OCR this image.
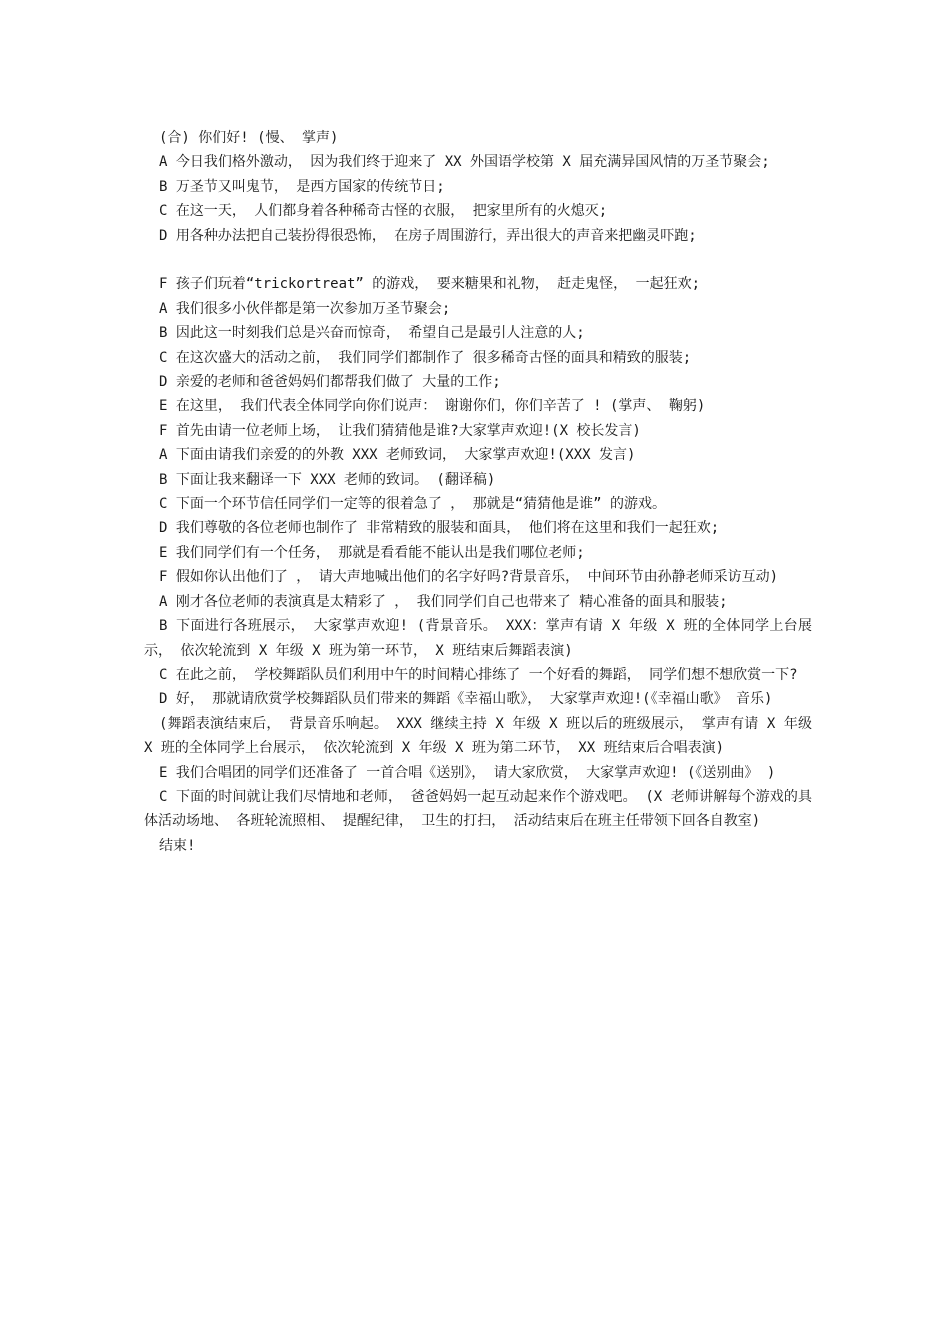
(合) 你们好! (慢、 掌声)

A 今日我们格外激动， 因为我们终于迎来了 XX 外国语学校第 X 届充满异国风情的万圣节聚会;

B 万圣节又叫鬼节， 是西方国家的传统节日;

C 在这一天， 人们都身着各种稀奇古怪的衣服， 把家里所有的火熄灭;

D 用各种办法把自己装扮得很恐怖， 在房子周围游行，弄出很大的声音来把幽灵吓跑;

F 孩子们玩着“trickortreat” 的游戏， 要来糖果和礼物， 赶走鬼怪， 一起狂欢;

A 我们很多小伙伴都是第一次参加万圣节聚会;

B 因此这一时刻我们总是兴奋而惊奇， 希望自己是最引人注意的人;

C 在这次盛大的活动之前， 我们同学们都制作了 很多稀奇古怪的面具和精致的服装;

D 亲爱的老师和爸爸妈妈们都帮我们做了 大量的工作;

E 在这里， 我们代表全体同学向你们说声： 谢谢你们，你们辛苦了 ! (掌声、 鞠躬)

F 首先由请一位老师上场， 让我们猜猜他是谁?大家掌声欢迎!(X 校长发言)

A 下面由请我们亲爱的的外教 XXX 老师致词， 大家掌声欢迎!(XXX 发言)

B 下面让我来翻译一下 XXX 老师的致词。 (翻译稿)

C 下面一个环节信任同学们一定等的很着急了 ， 那就是“猜猜他是谁” 的游戏。

D 我们尊敬的各位老师也制作了 非常精致的服装和面具， 他们将在这里和我们一起狂欢;

E 我们同学们有一个任务， 那就是看看能不能认出是我们哪位老师;

F 假如你认出他们了 ， 请大声地喊出他们的名字好吗?背景音乐， 中间环节由孙静老师采访互动)

A 刚才各位老师的表演真是太精彩了 ， 我们同学们自己也带来了 精心准备的面具和服装;

B 下面进行各班展示， 大家掌声欢迎! (背景音乐。 XXX：掌声有请 X 年级 X 班的全体同学上台展示， 依次轮流到 X 年级 X 班为第一环节， X 班结束后舞蹈表演)

C 在此之前， 学校舞蹈队员们利用中午的时间精心排练了 一个好看的舞蹈， 同学们想不想欣赏一下?

D 好， 那就请欣赏学校舞蹈队员们带来的舞蹈《幸福山歌》， 大家掌声欢迎!(《幸福山歌》 音乐)

(舞蹈表演结束后， 背景音乐响起。 XXX 继续主持 X 年级 X 班以后的班级展示， 掌声有请 X 年级 X 班的全体同学上台展示， 依次轮流到 X 年级 X 班为第二环节， XX 班结束后合唱表演)

E 我们合唱团的同学们还准备了 一首合唱《送别》， 请大家欣赏， 大家掌声欢迎! (《送别曲》 )

C 下面的时间就让我们尽情地和老师， 爸爸妈妈一起互动起来作个游戏吧。 (X 老师讲解每个游戏的具体活动场地、 各班轮流照相、 提醒纪律， 卫生的打扫， 活动结束后在班主任带领下回各自教室)

结束!
